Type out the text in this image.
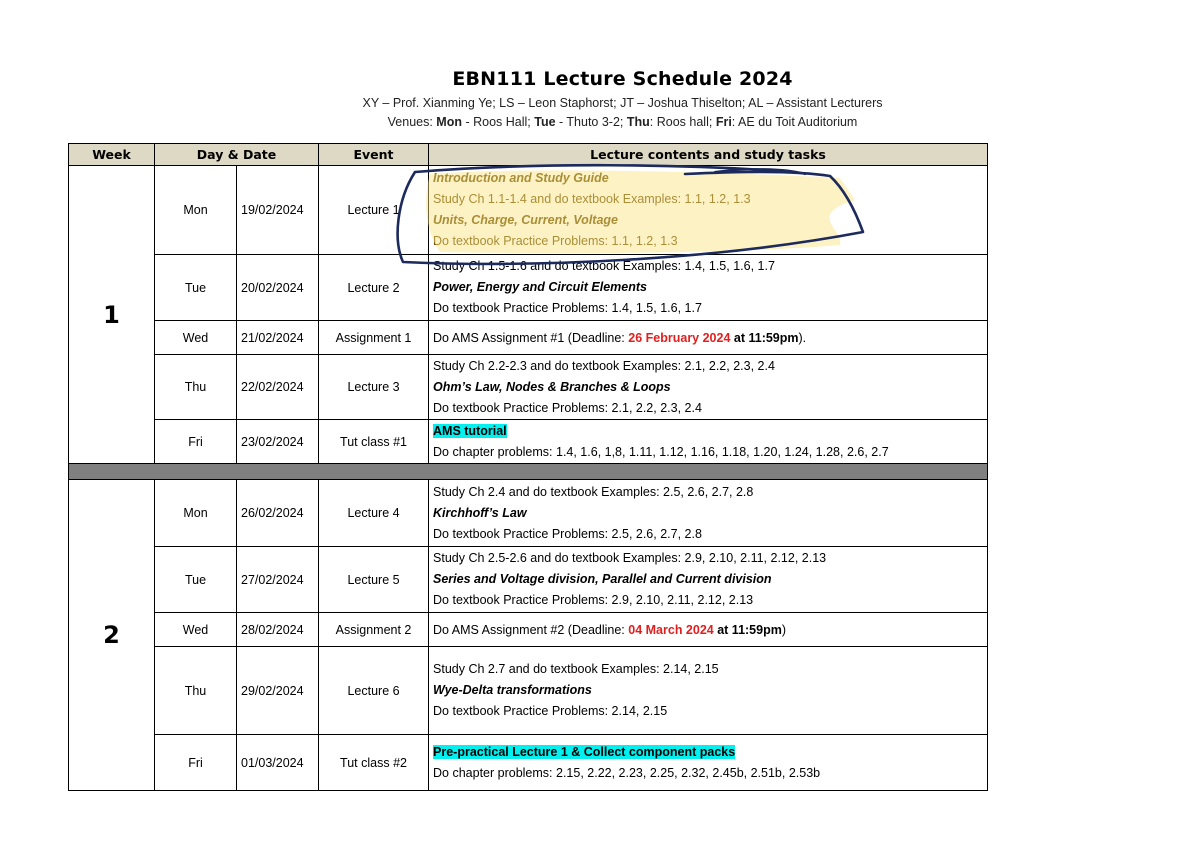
EBN111 Lecture Schedule 2024
XY – Prof. Xianming Ye; LS – Leon Staphorst; JT – Joshua Thiselton; AL – Assistant Lecturers
Venues: Mon - Roos Hall; Tue - Thuto 3-2; Thu: Roos hall; Fri: AE du Toit Auditorium
Week	Day & Date		Event	Lecture contents and study tasks
1	Mon	19/02/2024	Lecture 1	Introduction and Study Guide
Study Ch 1.1-1.4 and do textbook Examples: 1.1, 1.2, 1.3
Units, Charge, Current, Voltage
Do textbook Practice Problems: 1.1, 1.2, 1.3

	Tue	20/02/2024	Lecture 2	Study Ch 1.5-1.6 and do textbook Examples: 1.4, 1.5, 1.6, 1.7
Power, Energy and Circuit Elements
Do textbook Practice Problems: 1.4, 1.5, 1.6, 1.7

	Wed	21/02/2024	Assignment 1	Do AMS Assignment #1 (Deadline: 26 February 2024 at 11:59pm).
	Thu	22/02/2024	Lecture 3	Study Ch 2.2-2.3 and do textbook Examples: 2.1, 2.2, 2.3, 2.4
Ohm’s Law, Nodes & Branches & Loops
Do textbook Practice Problems: 2.1, 2.2, 2.3, 2.4

	Fri	23/02/2024	Tut class #1	AMS tutorial
Do chapter problems: 1.4, 1.6, 1,8, 1.11, 1.12, 1.16, 1.18, 1.20, 1.24, 1.28, 2.6, 2.7

2	Mon	26/02/2024	Lecture 4	Study Ch 2.4 and do textbook Examples: 2.5, 2.6, 2.7, 2.8
Kirchhoff’s Law
Do textbook Practice Problems: 2.5, 2.6, 2.7, 2.8

	Tue	27/02/2024	Lecture 5	Study Ch 2.5-2.6 and do textbook Examples: 2.9, 2.10, 2.11, 2.12, 2.13
Series and Voltage division, Parallel and Current division
Do textbook Practice Problems: 2.9, 2.10, 2.11, 2.12, 2.13

	Wed	28/02/2024	Assignment 2	Do AMS Assignment #2 (Deadline: 04 March 2024 at 11:59pm)
	Thu	29/02/2024	Lecture 6	Study Ch 2.7 and do textbook Examples: 2.14, 2.15
Wye-Delta transformations
Do textbook Practice Problems: 2.14, 2.15

	Fri	01/03/2024	Tut class #2	Pre-practical Lecture 1 & Collect component packs
Do chapter problems: 2.15, 2.22, 2.23, 2.25, 2.32, 2.45b, 2.51b, 2.53b
